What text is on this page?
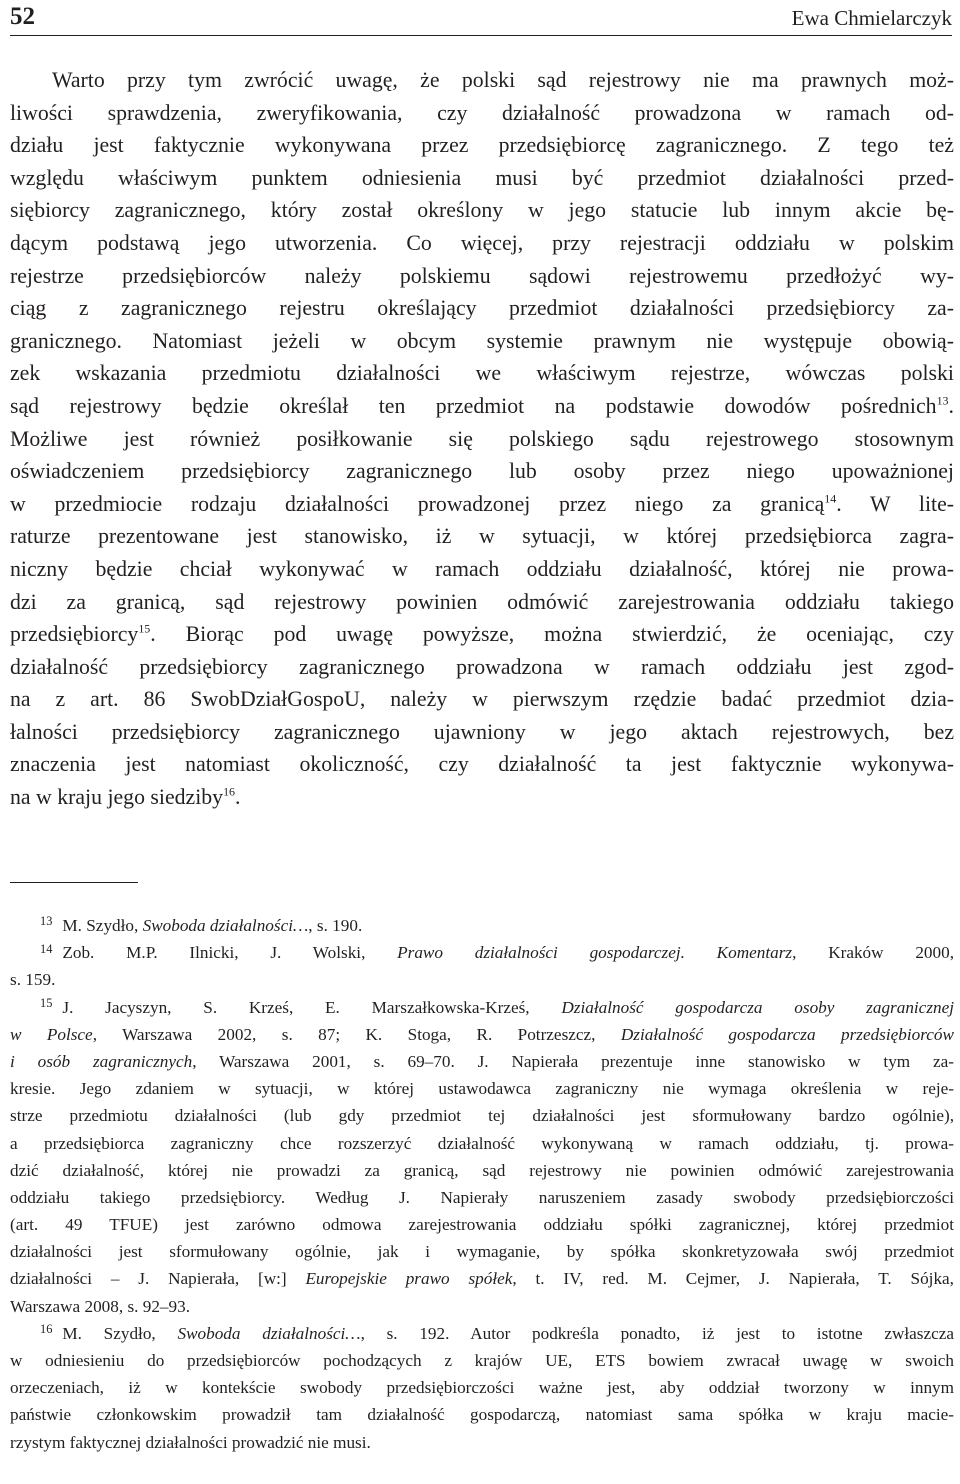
52	Ewa Chmielarczyk
Warto przy tym zwrócić uwagę, że polski sąd rejestrowy nie ma prawnych moż-
liwości sprawdzenia, zweryfikowania, czy działalność prowadzona w ramach od-
działu jest faktycznie wykonywana przez przedsiębiorcę zagranicznego. Z tego też
względu właściwym punktem odniesienia musi być przedmiot działalności przed-
siębiorcy zagranicznego, który został określony w jego statucie lub innym akcie bę-
dącym podstawą jego utworzenia. Co więcej, przy rejestracji oddziału w polskim
rejestrze przedsiębiorców należy polskiemu sądowi rejestrowemu przedłożyć wy-
ciąg z zagranicznego rejestru określający przedmiot działalności przedsiębiorcy za-
granicznego. Natomiast jeżeli w obcym systemie prawnym nie występuje obowią-
zek wskazania przedmiotu działalności we właściwym rejestrze, wówczas polski
sąd rejestrowy będzie określał ten przedmiot na podstawie dowodów pośrednich$^{13}$.
Możliwe jest również posiłkowanie się polskiego sądu rejestrowego stosownym
oświadczeniem przedsiębiorcy zagranicznego lub osoby przez niego upoważnionej
w przedmiocie rodzaju działalności prowadzonej przez niego za granicą$^{14}$. W lite-
raturze prezentowane jest stanowisko, iż w sytuacji, w której przedsiębiorca zagra-
niczny będzie chciał wykonywać w ramach oddziału działalność, której nie prowa-
dzi za granicą, sąd rejestrowy powinien odmówić zarejestrowania oddziału takiego
przedsiębiorcy$^{15}$. Biorąc pod uwagę powyższe, można stwierdzić, że oceniając, czy
działalność przedsiębiorcy zagranicznego prowadzona w ramach oddziału jest zgod-
na z art. 86 SwobDziałGospoU, należy w pierwszym rzędzie badać przedmiot dzia-
łalności przedsiębiorcy zagranicznego ujawniony w jego aktach rejestrowych, bez
znaczenia jest natomiast okoliczność, czy działalność ta jest faktycznie wykonywa-
na w kraju jego siedziby$^{16}$.
$^{13}$ M. Szydło, Swoboda działalności…, s. 190.
$^{14}$ Zob. M.P. Ilnicki, J. Wolski, Prawo działalności gospodarczej. Komentarz, Kraków 2000,
s. 159.
$^{15}$ J. Jacyszyn, S. Krześ, E. Marszałkowska-Krześ, Działalność gospodarcza osoby zagranicznej
w Polsce, Warszawa 2002, s. 87; K. Stoga, R. Potrzeszcz, Działalność gospodarcza przedsiębiorców
i osób zagranicznych, Warszawa 2001, s. 69–70. J. Napierała prezentuje inne stanowisko w tym za-
kresie. Jego zdaniem w sytuacji, w której ustawodawca zagraniczny nie wymaga określenia w reje-
strze przedmiotu działalności (lub gdy przedmiot tej działalności jest sformułowany bardzo ogólnie),
a przedsiębiorca zagraniczny chce rozszerzyć działalność wykonywaną w ramach oddziału, tj. prowa-
dzić działalność, której nie prowadzi za granicą, sąd rejestrowy nie powinien odmówić zarejestrowania
oddziału takiego przedsiębiorcy. Według J. Napierały naruszeniem zasady swobody przedsiębiorczości
(art. 49 TFUE) jest zarówno odmowa zarejestrowania oddziału spółki zagranicznej, której przedmiot
działalności jest sformułowany ogólnie, jak i wymaganie, by spółka skonkretyzowała swój przedmiot
działalności – J. Napierała, [w:] Europejskie prawo spółek, t. IV, red. M. Cejmer, J. Napierała, T. Sójka,
Warszawa 2008, s. 92–93.
$^{16}$ M. Szydło, Swoboda działalności…, s. 192. Autor podkreśla ponadto, iż jest to istotne zwłaszcza
w odniesieniu do przedsiębiorców pochodzących z krajów UE, ETS bowiem zwracał uwagę w swoich
orzeczeniach, iż w kontekście swobody przedsiębiorczości ważne jest, aby oddział tworzony w innym
państwie członkowskim prowadził tam działalność gospodarczą, natomiast sama spółka w kraju macie-
rzystym faktycznej działalności prowadzić nie musi.
